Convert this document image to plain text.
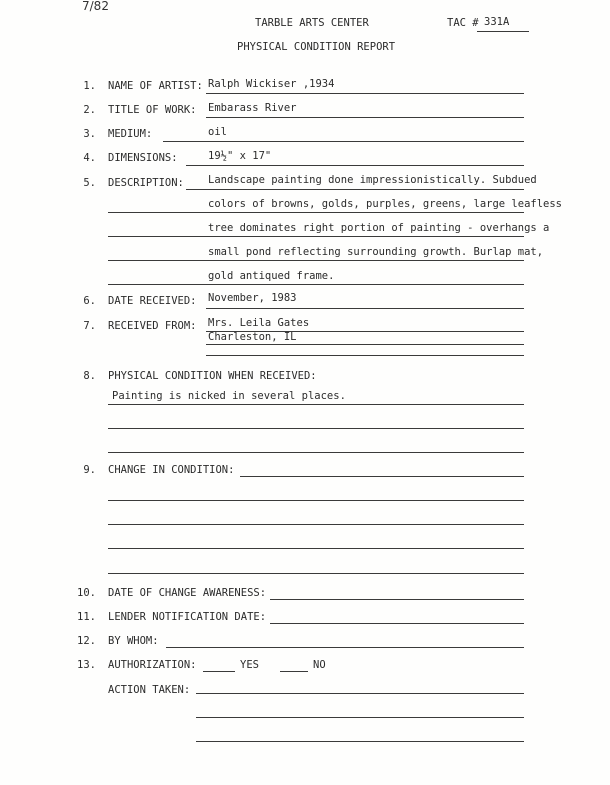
7/82
TARBLE ARTS CENTER	TAC # 331A
PHYSICAL CONDITION REPORT
1. NAME OF ARTIST: Ralph Wickiser ,1934
2. TITLE OF WORK: Embarass River
3. MEDIUM:	oil
4. DIMENSIONS:	19½" x 17"
5. DESCRIPTION: Landscape painting done impressionistically. Subdued
colors of browns, golds, purples, greens, large leafless
tree dominates right portion of painting - overhangs a
small pond reflecting surrounding growth. Burlap mat,
gold antiqued frame.
6. DATE RECEIVED: November, 1983
7. RECEIVED FROM: Mrs. Leila Gates
Charleston, IL
8. PHYSICAL CONDITION WHEN RECEIVED:
Painting is nicked in several places.
9. CHANGE IN CONDITION:
10. DATE OF CHANGE AWARENESS:
11. LENDER NOTIFICATION DATE:
12. BY WHOM:
13. AUTHORIZATION:	YES	NO
ACTION TAKEN:
